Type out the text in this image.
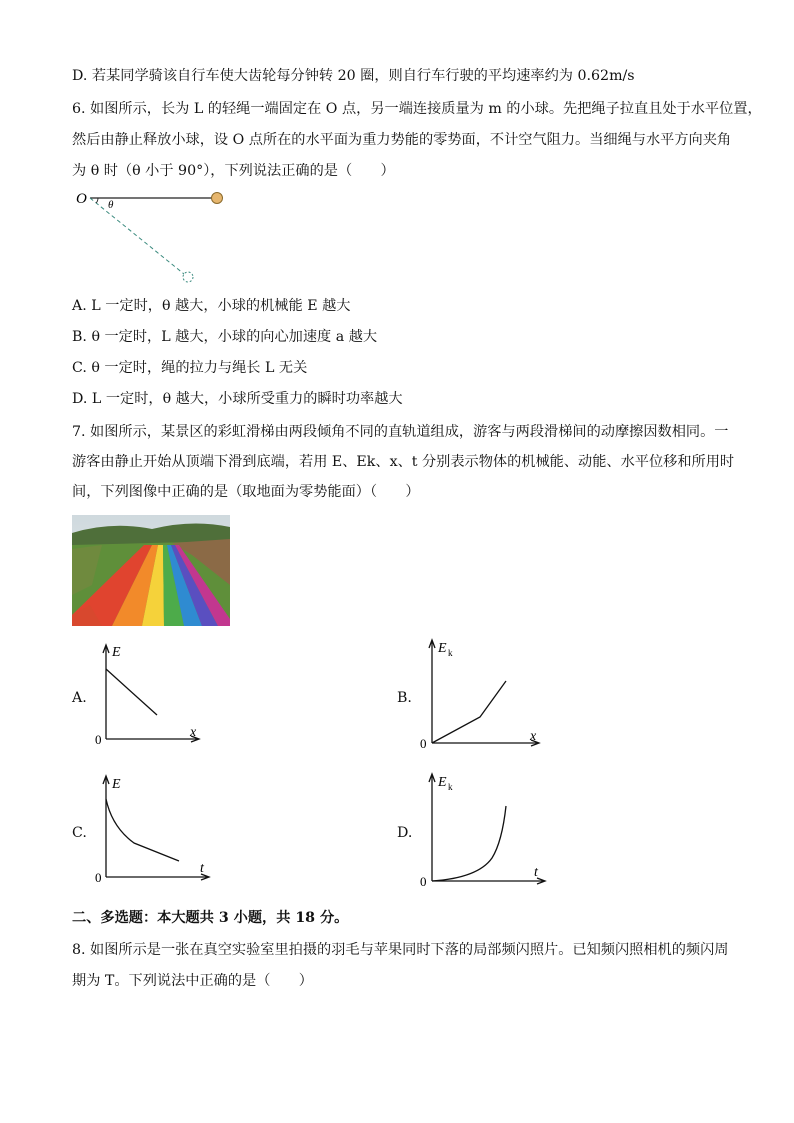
D. 若某同学骑该自行车使大齿轮每分钟转 20 圈，则自行车行驶的平均速率约为 0.62m/s
6. 如图所示，长为 L 的轻绳一端固定在 O 点，另一端连接质量为 m 的小球。先把绳子拉直且处于水平位置，
然后由静止释放小球，设 O 点所在的水平面为重力势能的零势面，不计空气阻力。当细绳与水平方向夹角
为 θ 时（θ 小于 90°），下列说法正确的是（　　）
O θ
A. L 一定时，θ 越大，小球的机械能 E 越大
B. θ 一定时，L 越大，小球的向心加速度 a 越大
C. θ 一定时，绳的拉力与绳长 L 无关
D. L 一定时，θ 越大，小球所受重力的瞬时功率越大
7. 如图所示，某景区的彩虹滑梯由两段倾角不同的直轨道组成，游客与两段滑梯间的动摩擦因数相同。一
游客由静止开始从顶端下滑到底端，若用 E、Ek、x、t 分别表示物体的机械能、动能、水平位移和所用时
间，下列图像中正确的是（取地面为零势能面）（　　）
A.
E
x
0
B.
E k
x
0
C.
E
t
0
D.
E k
t
0
二、多选题：本大题共 3 小题，共 18 分。
8. 如图所示是一张在真空实验室里拍摄的羽毛与苹果同时下落的局部频闪照片。已知频闪照相机的频闪周
期为 T。下列说法中正确的是（　　）
